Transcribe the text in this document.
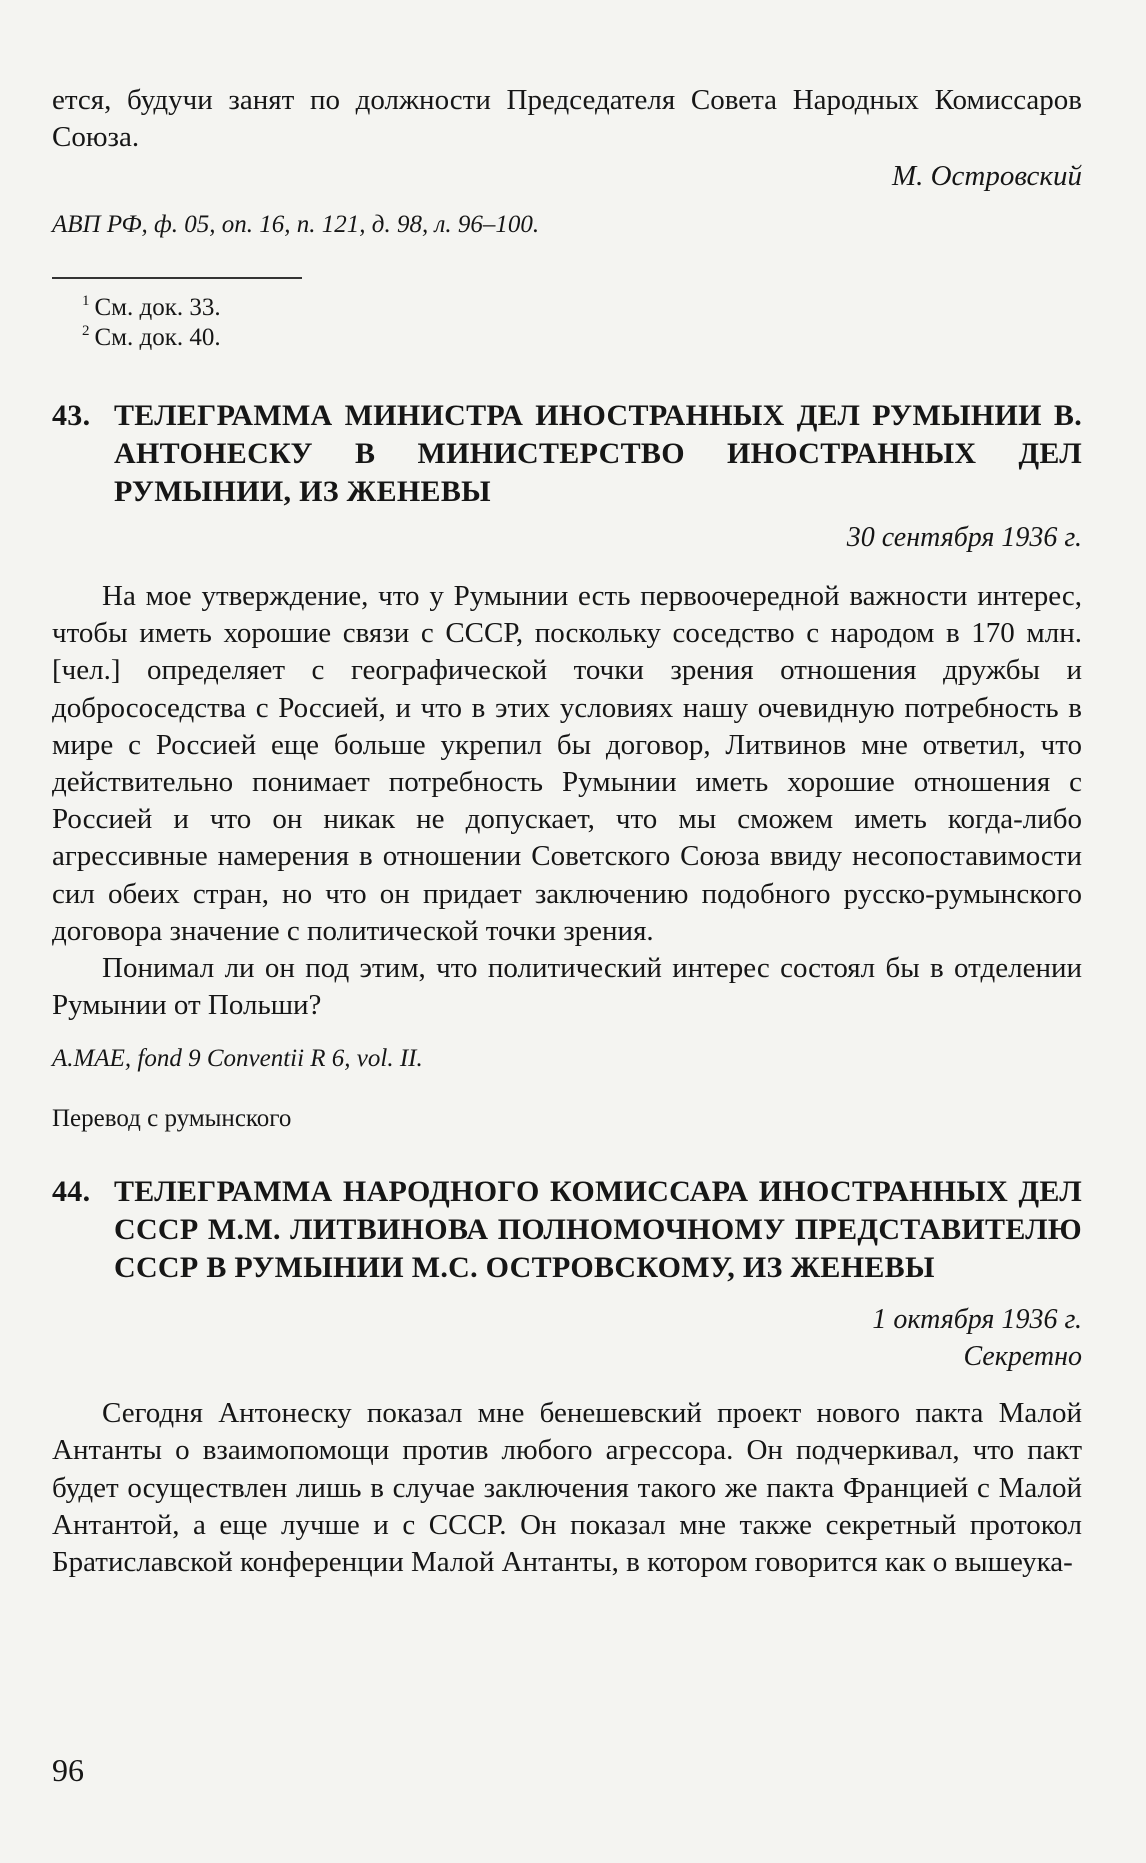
ется, будучи занят по должности Председателя Совета Народных Комиссаров Союза.

М. Островский

АВП РФ, ф. 05, оп. 16, п. 121, д. 98, л. 96–100.

$^1$ См. док. 33.
$^2$ См. док. 40.
43. ТЕЛЕГРАММА МИНИСТРА ИНОСТРАННЫХ ДЕЛ РУМЫНИИ В. АНТОНЕСКУ В МИНИСТЕРСТВО ИНОСТРАННЫХ ДЕЛ РУМЫНИИ, ИЗ ЖЕНЕВЫ

30 сентября 1936 г.

На мое утверждение, что у Румынии есть первоочередной важности интерес, чтобы иметь хорошие связи с СССР, поскольку соседство с народом в 170 млн. [чел.] определяет с географической точки зрения отношения дружбы и добрососедства с Россией, и что в этих условиях нашу очевидную потребность в мире с Россией еще больше укрепил бы договор, Литвинов мне ответил, что действительно понимает потребность Румынии иметь хорошие отношения с Россией и что он никак не допускает, что мы сможем иметь когда-либо агрессивные намерения в отношении Советского Союза ввиду несопоставимости сил обеих стран, но что он придает заключению подобного русско-румынского договора значение с политической точки зрения.

Понимал ли он под этим, что политический интерес состоял бы в отделении Румынии от Польши?

A.MAE, fond 9 Conventii R 6, vol. II.

Перевод с румынского

44. ТЕЛЕГРАММА НАРОДНОГО КОМИССАРА ИНОСТРАННЫХ ДЕЛ СССР М.М. ЛИТВИНОВА ПОЛНОМОЧНОМУ ПРЕДСТАВИТЕЛЮ СССР В РУМЫНИИ М.С. ОСТРОВСКОМУ, ИЗ ЖЕНЕВЫ

1 октября 1936 г.

Секретно

Сегодня Антонеску показал мне бенешевский проект нового пакта Малой Антанты о взаимопомощи против любого агрессора. Он подчеркивал, что пакт будет осуществлен лишь в случае заключения такого же пакта Францией с Малой Антантой, а еще лучше и с СССР. Он показал мне также секретный протокол Братиславской конференции Малой Антанты, в котором говорится как о вышеука-

96
